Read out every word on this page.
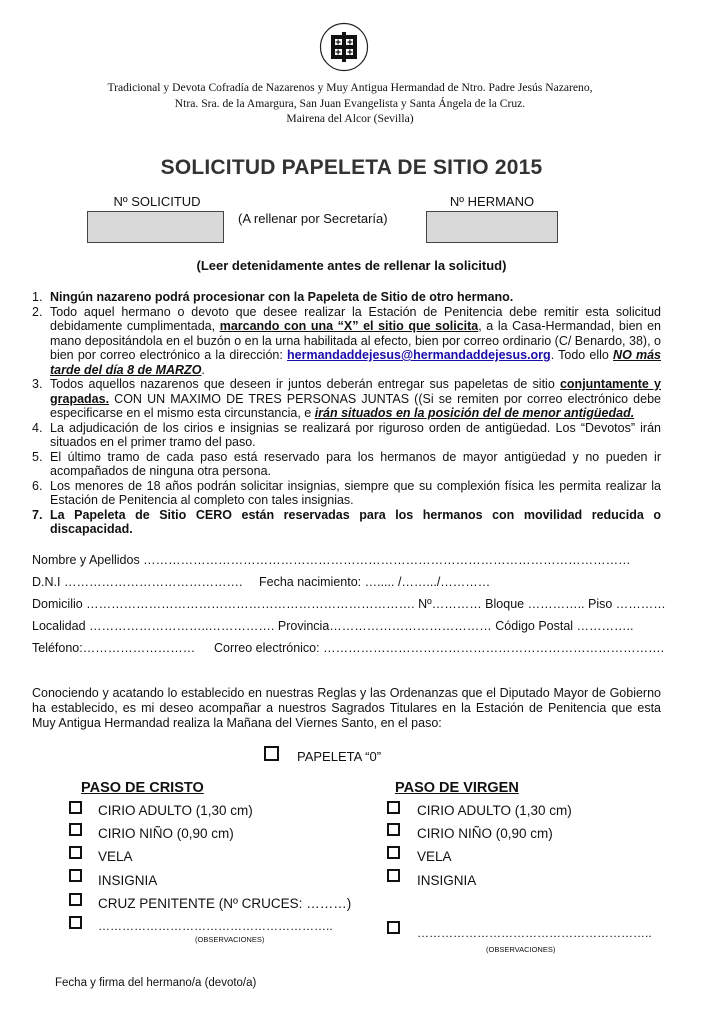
Tradicional y Devota Cofradía de Nazarenos y Muy Antigua Hermandad de Ntro. Padre Jesús Nazareno,
Ntra. Sra. de la Amargura, San Juan Evangelista y Santa Ángela de la Cruz.
Mairena del Alcor (Sevilla)
SOLICITUD PAPELETA DE SITIO 2015
Nº SOLICITUD	Nº HERMANO
(A rellenar por Secretaría)
(Leer detenidamente antes de rellenar la solicitud)
1. Ningún nazareno podrá procesionar con la Papeleta de Sitio de otro hermano.
2. Todo aquel hermano o devoto que desee realizar la Estación de Penitencia debe remitir esta solicitud debidamente cumplimentada, marcando con una “X” el sitio que solicita, a la Casa-Hermandad, bien en mano depositándola en el buzón o en la urna habilitada al efecto, bien por correo ordinario (C/ Benardo, 38), o bien por correo electrónico a la dirección: hermandaddejesus@hermandaddejesus.org. Todo ello NO más tarde del día 8 de MARZO.
3. Todos aquellos nazarenos que deseen ir juntos deberán entregar sus papeletas de sitio conjuntamente y grapadas. CON UN MAXIMO DE TRES PERSONAS JUNTAS ((Si se remiten por correo electrónico debe especificarse en el mismo esta circunstancia, e irán situados en la posición del de menor antigüedad.
4. La adjudicación de los cirios e insignias se realizará por riguroso orden de antigüedad. Los “Devotos” irán situados en el primer tramo del paso.
5. El último tramo de cada paso está reservado para los hermanos de mayor antigüedad y no pueden ir acompañados de ninguna otra persona.
6. Los menores de 18 años podrán solicitar insignias, siempre que su complexión física les permita realizar la Estación de Penitencia al completo con tales insignias.
7. La Papeleta de Sitio CERO están reservadas para los hermanos con movilidad reducida o discapacidad.
Nombre y Apellidos ………………………………………………………………………………………………………
D.N.I ……………………………………. Fecha nacimiento: …..... /…….../…………
Domicilio ……………………………………………………………………. Nº………… Bloque ………….. Piso …………
Localidad ………………………..……………. Provincia………………………………… Código Postal …………..
Teléfono:……………………… Correo electrónico: ……………………………………………………………………….
Conociendo y acatando lo establecido en nuestras Reglas y las Ordenanzas que el Diputado Mayor de Gobierno ha establecido, es mi deseo acompañar a nuestros Sagrados Titulares en la Estación de Penitencia que esta Muy Antigua Hermandad realiza la Mañana del Viernes Santo, en el paso:
PAPELETA “0”
PASO DE CRISTO
CIRIO ADULTO (1,30 cm)
CIRIO NIÑO (0,90 cm)
VELA
INSIGNIA
CRUZ PENITENTE (Nº CRUCES: ………)
…………………………………………………..
(OBSERVACIONES)
PASO DE VIRGEN
CIRIO ADULTO (1,30 cm)
CIRIO NIÑO (0,90 cm)
VELA
INSIGNIA
…………………………………………………..
(OBSERVACIONES)
Fecha y firma del hermano/a (devoto/a)
